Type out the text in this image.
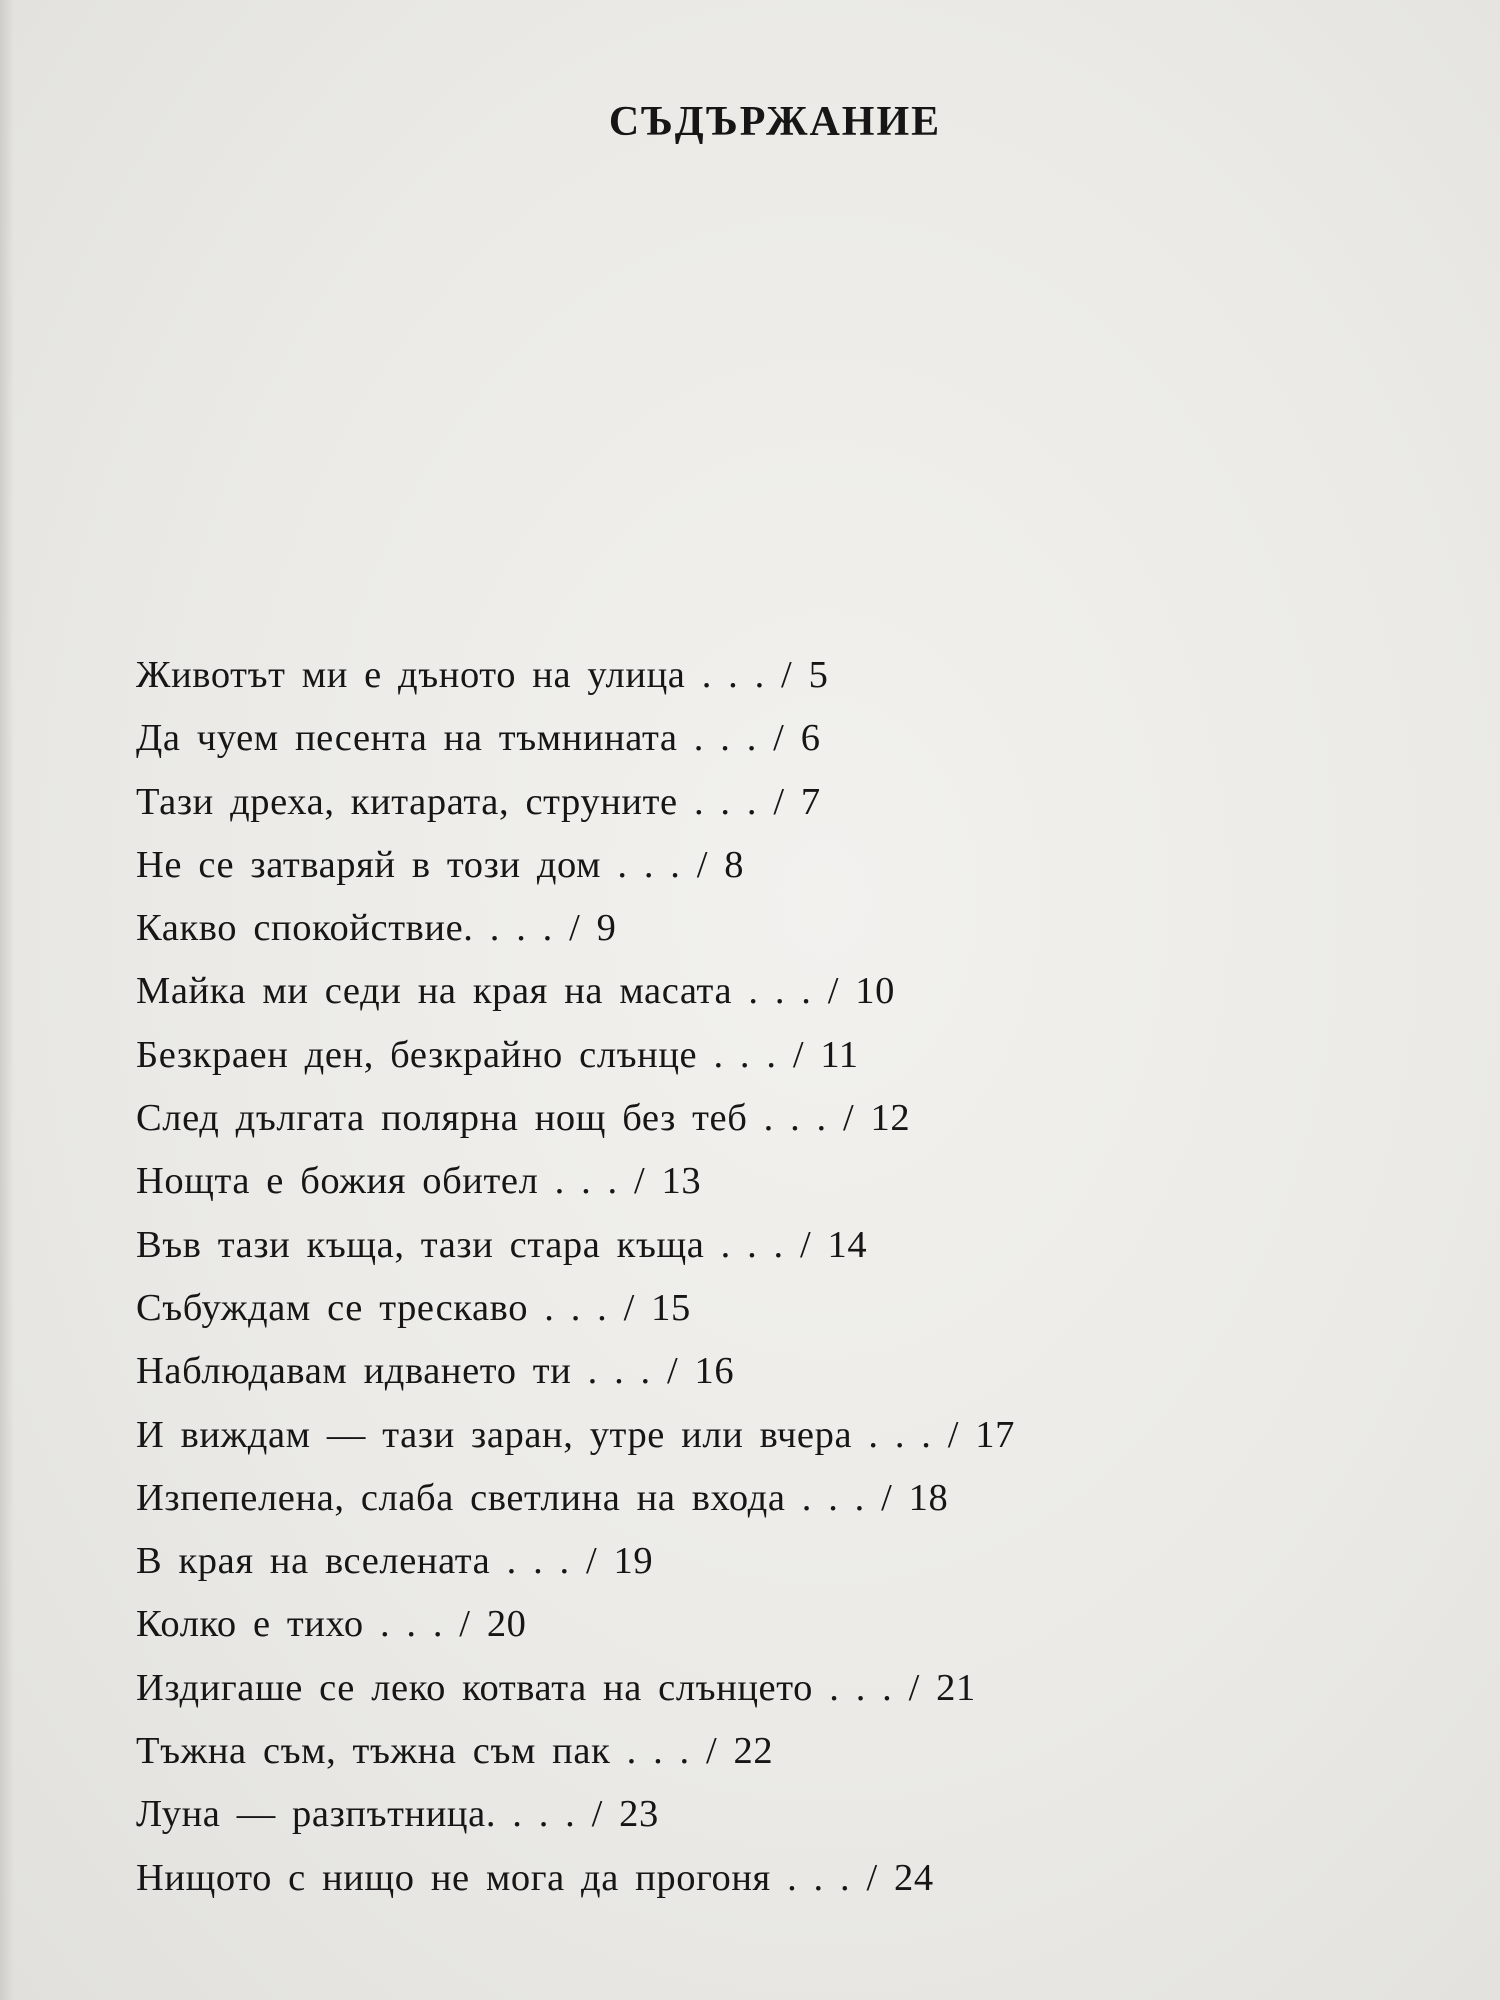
СЪДЪРЖАНИЕ
Животът ми е дъното на улица . . . / 5
Да чуем песента на тъмнината . . . / 6
Тази дреха, китарата, струните . . . / 7
Не се затваряй в този дом . . . / 8
Какво спокойствие. . . . / 9
Майка ми седи на края на масата . . . / 10
Безкраен ден, безкрайно слънце . . . / 11
След дългата полярна нощ без теб . . . / 12
Нощта е божия обител . . . / 13
Във тази къща, тази стара къща . . . / 14
Събуждам се трескаво . . . / 15
Наблюдавам идването ти . . . / 16
И виждам — тази заран, утре или вчера . . . / 17
Изпепелена, слаба светлина на входа . . . / 18
В края на вселената . . . / 19
Колко е тихо . . . / 20
Издигаше се леко котвата на слънцето . . . / 21
Тъжна съм, тъжна съм пак . . . / 22
Луна — разпътница. . . . / 23
Нищото с нищо не мога да прогоня . . . / 24
